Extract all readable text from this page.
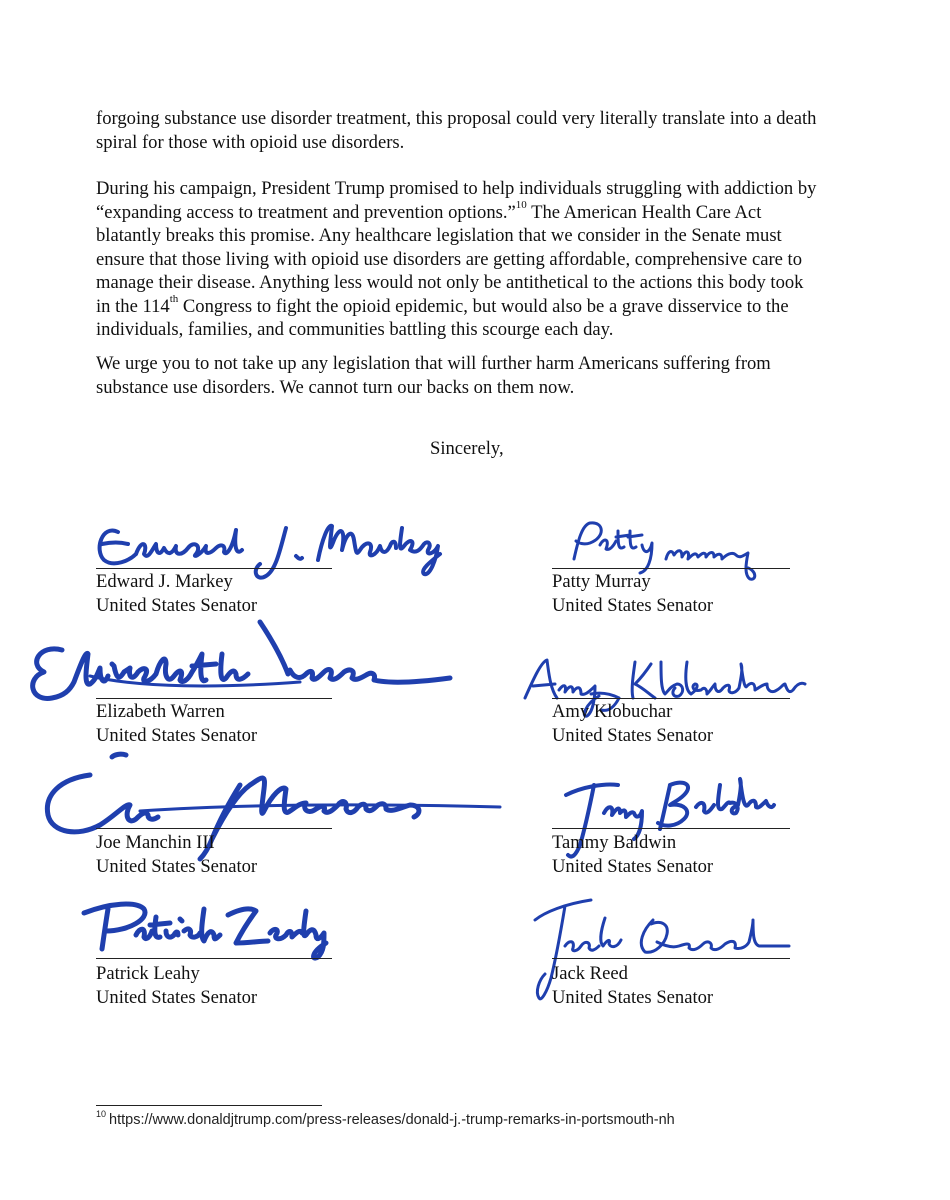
forgoing substance use disorder treatment, this proposal could very literally translate into a death
spiral for those with opioid use disorders.

During his campaign, President Trump promised to help individuals struggling with addiction by
“expanding access to treatment and prevention options.”$^{10}$ The American Health Care Act
blatantly breaks this promise. Any healthcare legislation that we consider in the Senate must
ensure that those living with opioid use disorders are getting affordable, comprehensive care to
manage their disease. Anything less would not only be antithetical to the actions this body took
in the 114th Congress to fight the opioid epidemic, but would also be a grave disservice to the
individuals, families, and communities battling this scourge each day.

We urge you to not take up any legislation that will further harm Americans suffering from
substance use disorders. We cannot turn our backs on them now.

Sincerely,
Edward J. Markey
United States Senator
Patty Murray
United States Senator
Elizabeth Warren
United States Senator
Amy Klobuchar
United States Senator
Joe Manchin III
United States Senator
Tammy Baldwin
United States Senator
Patrick Leahy
United States Senator
Jack Reed
United States Senator
$^{10}$ https://www.donaldjtrump.com/press-releases/donald-j.-trump-remarks-in-portsmouth-nh
